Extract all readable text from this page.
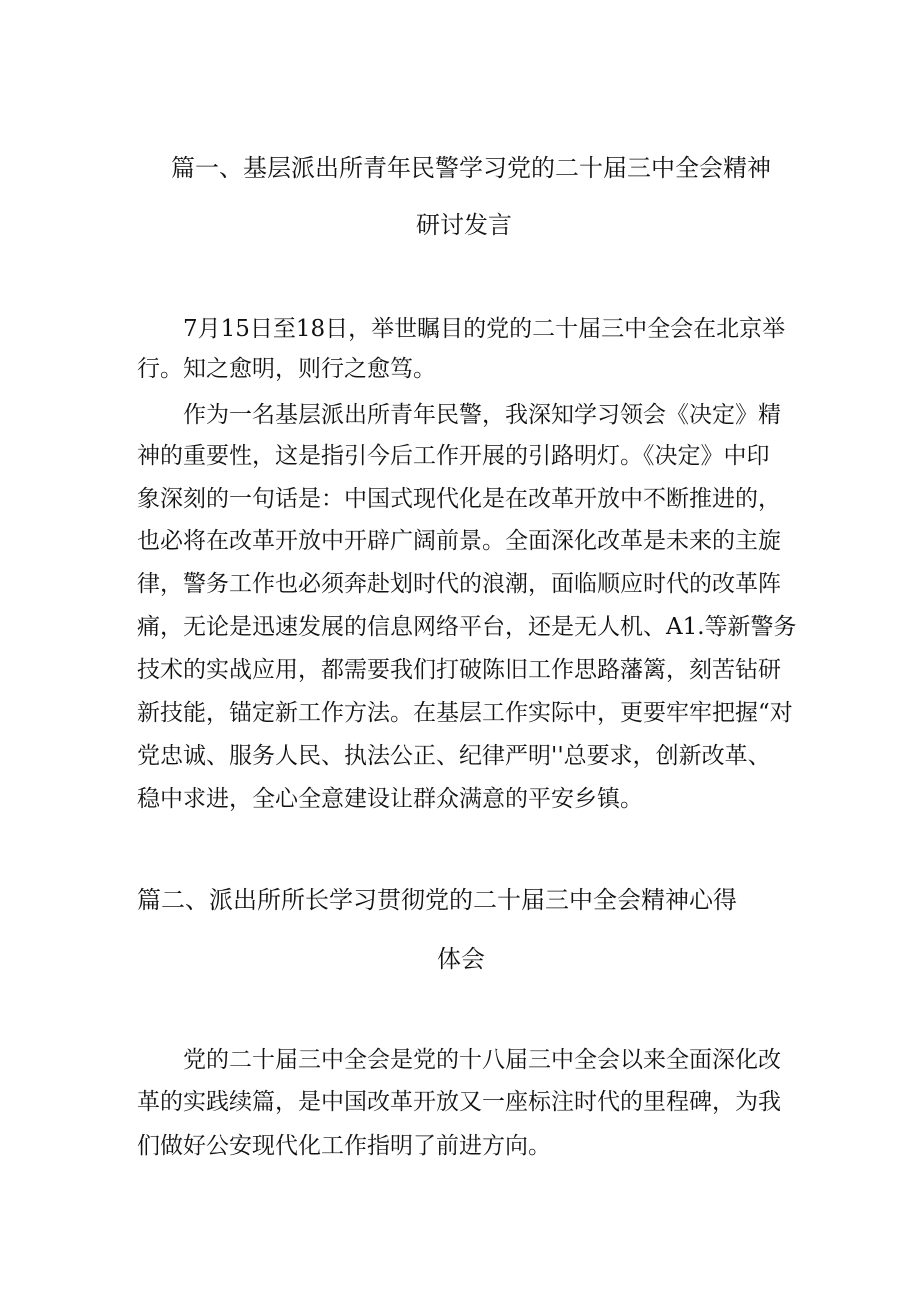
篇一、基层派出所青年民警学习党的二十届三中全会精神
研讨发言

7月15日至18日，举世瞩目的党的二十届三中全会在北京举

行。知之愈明，则行之愈笃。

作为一名基层派出所青年民警，我深知学习领会《决定》精

神的重要性，这是指引今后工作开展的引路明灯。《决定》中印

象深刻的一句话是：中国式现代化是在改革开放中不断推进的，

也必将在改革开放中开辟广阔前景。全面深化改革是未来的主旋

律，警务工作也必须奔赴划时代的浪潮，面临顺应时代的改革阵

痛，无论是迅速发展的信息网络平台，还是无人机、A1.等新警务

技术的实战应用，都需要我们打破陈旧工作思路藩篱，刻苦钻研

新技能，锚定新工作方法。在基层工作实际中，更要牢牢把握“对

党忠诚、服务人民、执法公正、纪律严明''总要求，创新改革、

稳中求进，全心全意建设让群众满意的平安乡镇。

篇二、派出所所长学习贯彻党的二十届三中全会精神心得
体会

党的二十届三中全会是党的十八届三中全会以来全面深化改

革的实践续篇，是中国改革开放又一座标注时代的里程碑，为我

们做好公安现代化工作指明了前进方向。
